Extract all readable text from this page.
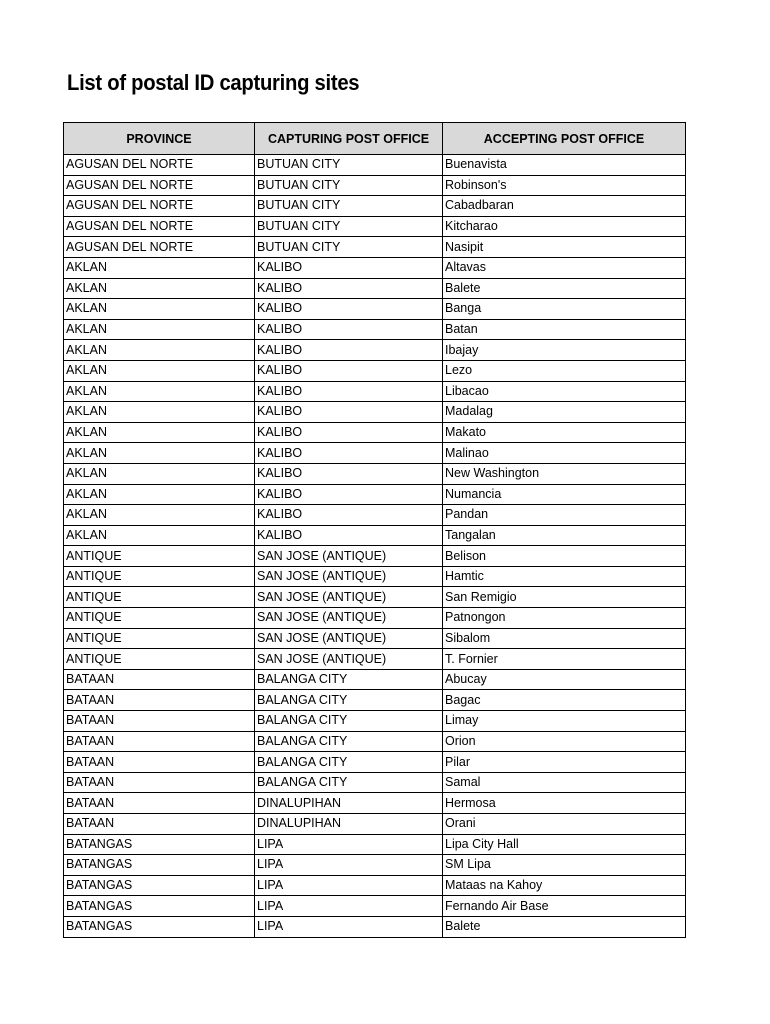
List of postal ID capturing sites
PROVINCE	CAPTURING POST OFFICE	ACCEPTING POST OFFICE
AGUSAN DEL NORTE	BUTUAN CITY	Buenavista
AGUSAN DEL NORTE	BUTUAN CITY	Robinson's
AGUSAN DEL NORTE	BUTUAN CITY	Cabadbaran
AGUSAN DEL NORTE	BUTUAN CITY	Kitcharao
AGUSAN DEL NORTE	BUTUAN CITY	Nasipit
AKLAN	KALIBO	Altavas
AKLAN	KALIBO	Balete
AKLAN	KALIBO	Banga
AKLAN	KALIBO	Batan
AKLAN	KALIBO	Ibajay
AKLAN	KALIBO	Lezo
AKLAN	KALIBO	Libacao
AKLAN	KALIBO	Madalag
AKLAN	KALIBO	Makato
AKLAN	KALIBO	Malinao
AKLAN	KALIBO	New Washington
AKLAN	KALIBO	Numancia
AKLAN	KALIBO	Pandan
AKLAN	KALIBO	Tangalan
ANTIQUE	SAN JOSE (ANTIQUE)	Belison
ANTIQUE	SAN JOSE (ANTIQUE)	Hamtic
ANTIQUE	SAN JOSE (ANTIQUE)	San Remigio
ANTIQUE	SAN JOSE (ANTIQUE)	Patnongon
ANTIQUE	SAN JOSE (ANTIQUE)	Sibalom
ANTIQUE	SAN JOSE (ANTIQUE)	T. Fornier
BATAAN	BALANGA CITY	Abucay
BATAAN	BALANGA CITY	Bagac
BATAAN	BALANGA CITY	Limay
BATAAN	BALANGA CITY	Orion
BATAAN	BALANGA CITY	Pilar
BATAAN	BALANGA CITY	Samal
BATAAN	DINALUPIHAN	Hermosa
BATAAN	DINALUPIHAN	Orani
BATANGAS	LIPA	Lipa City Hall
BATANGAS	LIPA	SM Lipa
BATANGAS	LIPA	Mataas na Kahoy
BATANGAS	LIPA	Fernando Air Base
BATANGAS	LIPA	Balete
